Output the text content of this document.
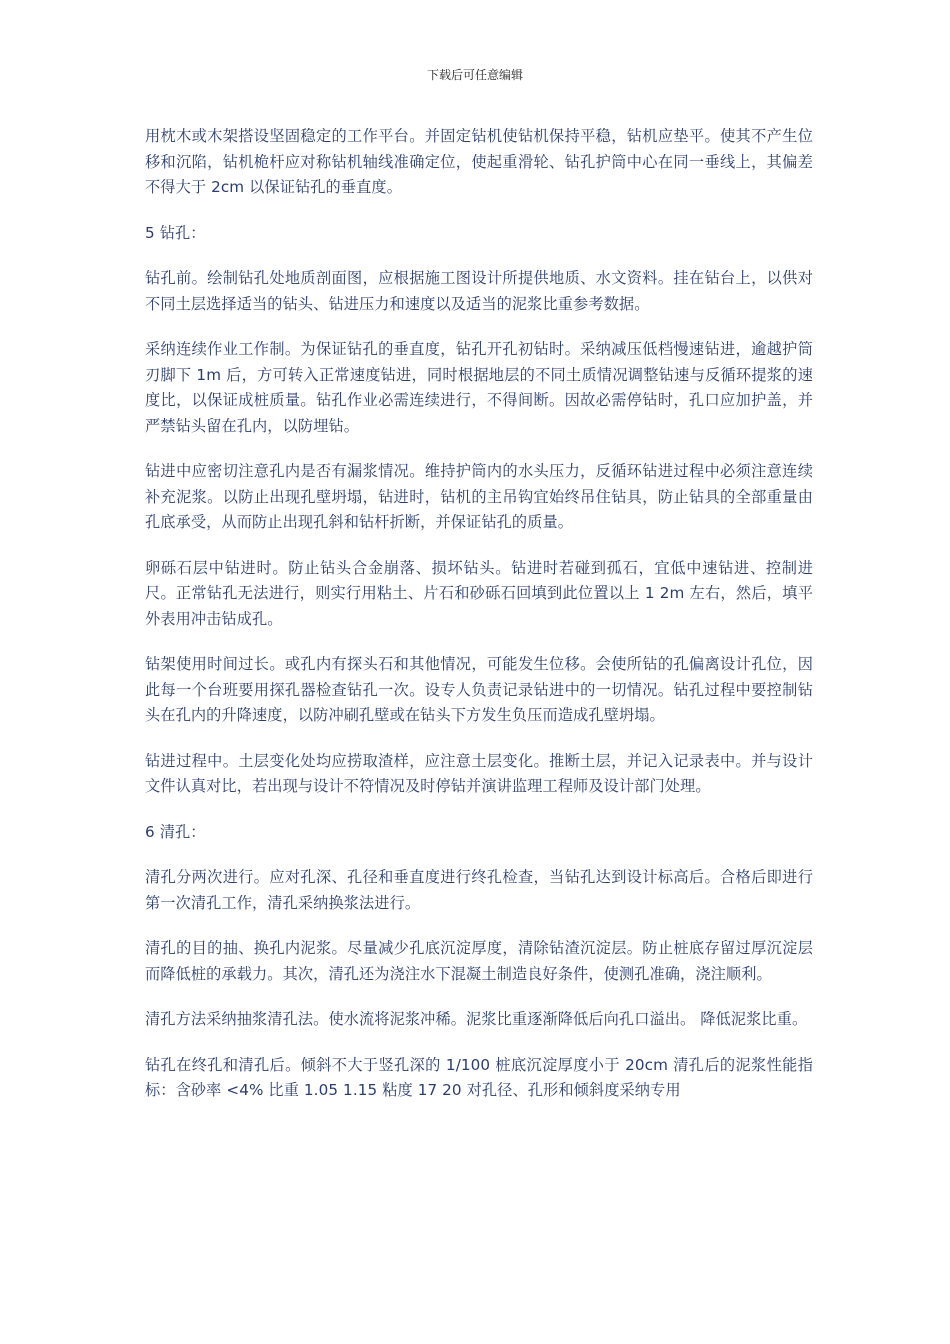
下载后可任意编辑

用枕木或木架搭设坚固稳定的工作平台。并固定钻机使钻机保持平稳，钻机应垫平。使其不产生位移和沉陷，钻机桅杆应对称钻机轴线准确定位，使起重滑轮、钻孔护筒中心在同一垂线上，其偏差不得大于 2cm 以保证钻孔的垂直度。

5 钻孔：

钻孔前。绘制钻孔处地质剖面图，应根据施工图设计所提供地质、水文资料。挂在钻台上，以供对不同土层选择适当的钻头、钻进压力和速度以及适当的泥浆比重参考数据。

采纳连续作业工作制。为保证钻孔的垂直度，钻孔开孔初钻时。采纳减压低档慢速钻进，逾越护筒刃脚下 1m 后，方可转入正常速度钻进，同时根据地层的不同土质情况调整钻速与反循环提浆的速度比，以保证成桩质量。钻孔作业必需连续进行，不得间断。因故必需停钻时，孔口应加护盖，并严禁钻头留在孔内，以防埋钻。

钻进中应密切注意孔内是否有漏浆情况。维持护筒内的水头压力，反循环钻进过程中必须注意连续补充泥浆。以防止出现孔壁坍塌，钻进时，钻机的主吊钩宜始终吊住钻具，防止钻具的全部重量由孔底承受，从而防止出现孔斜和钻杆折断，并保证钻孔的质量。

卵砾石层中钻进时。防止钻头合金崩落、损坏钻头。钻进时若碰到孤石，宜低中速钻进、控制进尺。正常钻孔无法进行，则实行用粘土、片石和砂砾石回填到此位置以上 1 2m 左右，然后，填平外表用冲击钻成孔。

钻架使用时间过长。或孔内有探头石和其他情况，可能发生位移。会使所钻的孔偏离设计孔位，因此每一个台班要用探孔器检查钻孔一次。设专人负责记录钻进中的一切情况。钻孔过程中要控制钻头在孔内的升降速度，以防冲刷孔壁或在钻头下方发生负压而造成孔壁坍塌。

钻进过程中。土层变化处均应捞取渣样，应注意土层变化。推断土层，并记入记录表中。并与设计文件认真对比，若出现与设计不符情况及时停钻并演讲监理工程师及设计部门处理。

6 清孔：

清孔分两次进行。应对孔深、孔径和垂直度进行终孔检查，当钻孔达到设计标高后。合格后即进行第一次清孔工作，清孔采纳换浆法进行。

清孔的目的抽、换孔内泥浆。尽量减少孔底沉淀厚度，清除钻渣沉淀层。防止桩底存留过厚沉淀层而降低桩的承载力。其次，清孔还为浇注水下混凝土制造良好条件，使测孔准确，浇注顺利。

清孔方法采纳抽浆清孔法。使水流将泥浆冲稀。泥浆比重逐渐降低后向孔口溢出。 降低泥浆比重。

钻孔在终孔和清孔后。倾斜不大于竖孔深的 1/100 桩底沉淀厚度小于 20cm 清孔后的泥浆性能指标：含砂率 <4% 比重 1.05 1.15 粘度 17 20 对孔径、孔形和倾斜度采纳专用
